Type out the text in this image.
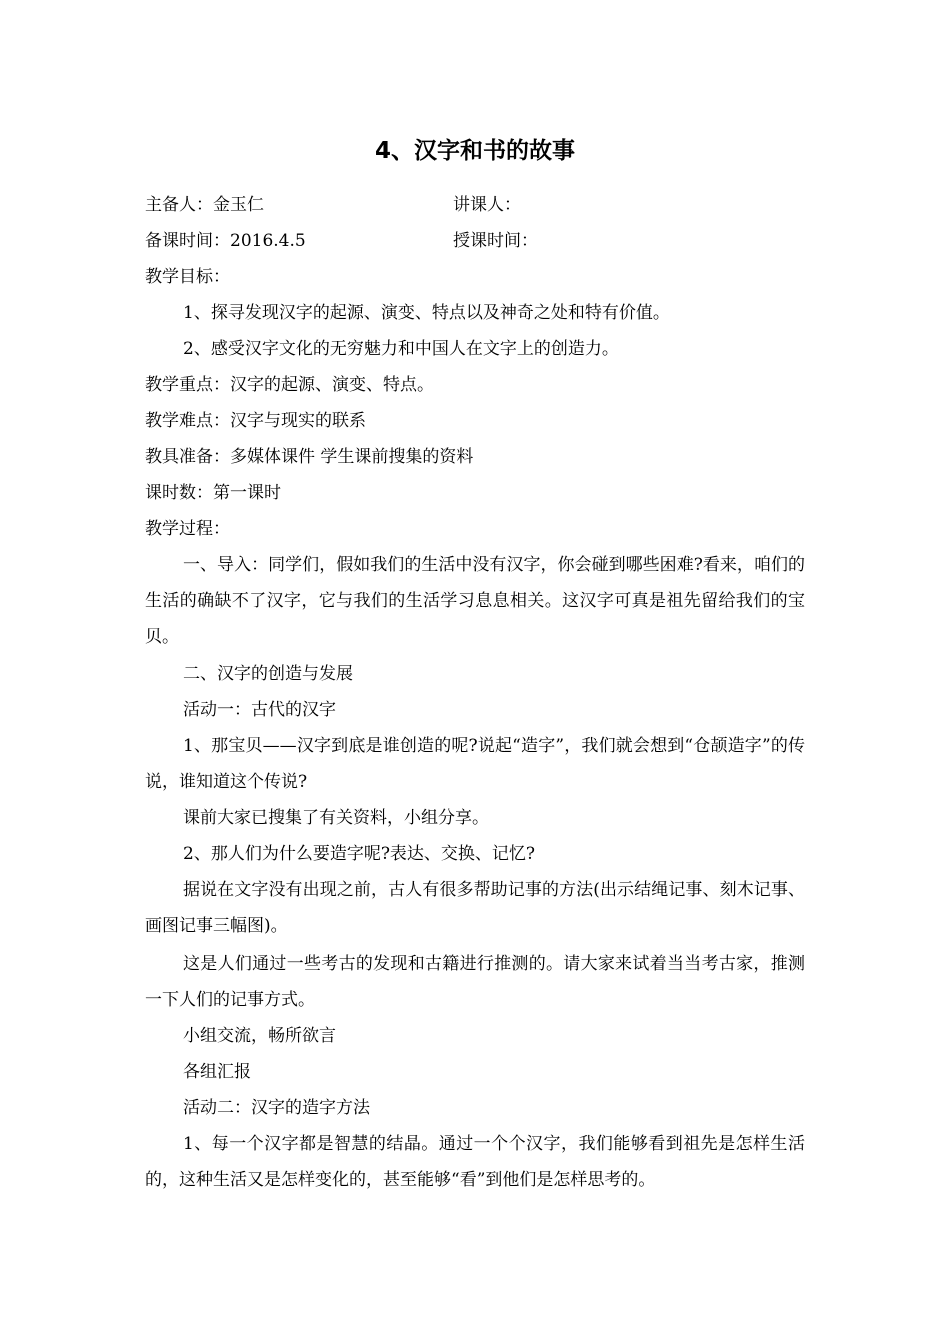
4、汉字和书的故事
主备人：金玉仁	讲课人：
备课时间：2016.4.5	授课时间：
教学目标：
1、探寻发现汉字的起源、演变、特点以及神奇之处和特有价值。
2、感受汉字文化的无穷魅力和中国人在文字上的创造力。
教学重点：汉字的起源、演变、特点。
教学难点：汉字与现实的联系
教具准备：多媒体课件 学生课前搜集的资料
课时数：第一课时
教学过程：
一、导入：同学们，假如我们的生活中没有汉字，你会碰到哪些困难?看来，咱们的生活的确缺不了汉字，它与我们的生活学习息息相关。这汉字可真是祖先留给我们的宝贝。
二、汉字的创造与发展
活动一：古代的汉字
1、那宝贝——汉字到底是谁创造的呢?说起“造字”，我们就会想到“仓颉造字”的传说，谁知道这个传说?
课前大家已搜集了有关资料，小组分享。
2、那人们为什么要造字呢?表达、交换、记忆?
据说在文字没有出现之前，古人有很多帮助记事的方法(出示结绳记事、刻木记事、画图记事三幅图)。
这是人们通过一些考古的发现和古籍进行推测的。请大家来试着当当考古家，推测一下人们的记事方式。
小组交流，畅所欲言
各组汇报
活动二：汉字的造字方法
1、每一个汉字都是智慧的结晶。通过一个个汉字，我们能够看到祖先是怎样生活的，这种生活又是怎样变化的，甚至能够“看”到他们是怎样思考的。
